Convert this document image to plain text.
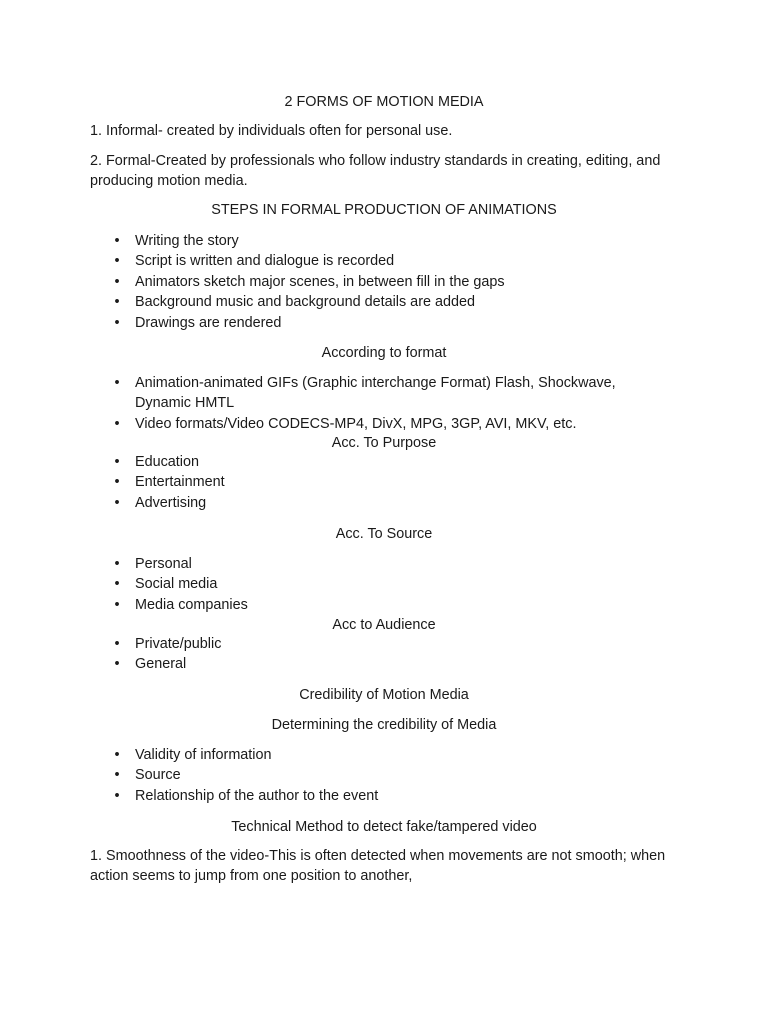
2 FORMS OF MOTION MEDIA
1. Informal- created by individuals often for personal use.
2. Formal-Created by professionals who follow industry standards in creating, editing, and producing motion media.
STEPS IN FORMAL PRODUCTION OF ANIMATIONS
• Writing the story
• Script is written and dialogue is recorded
• Animators sketch major scenes, in between fill in the gaps
• Background music and background details are added
• Drawings are rendered
According to format
• Animation-animated GIFs (Graphic interchange Format) Flash, Shockwave, Dynamic HMTL
• Video formats/Video CODECS-MP4, DivX, MPG, 3GP, AVI, MKV, etc.
Acc. To Purpose
• Education
• Entertainment
• Advertising
Acc. To Source
• Personal
• Social media
• Media companies
Acc to Audience
• Private/public
• General
Credibility of Motion Media
Determining the credibility of Media
• Validity of information
• Source
• Relationship of the author to the event
Technical Method to detect fake/tampered video
1. Smoothness of the video-This is often detected when movements are not smooth; when action seems to jump from one position to another,
